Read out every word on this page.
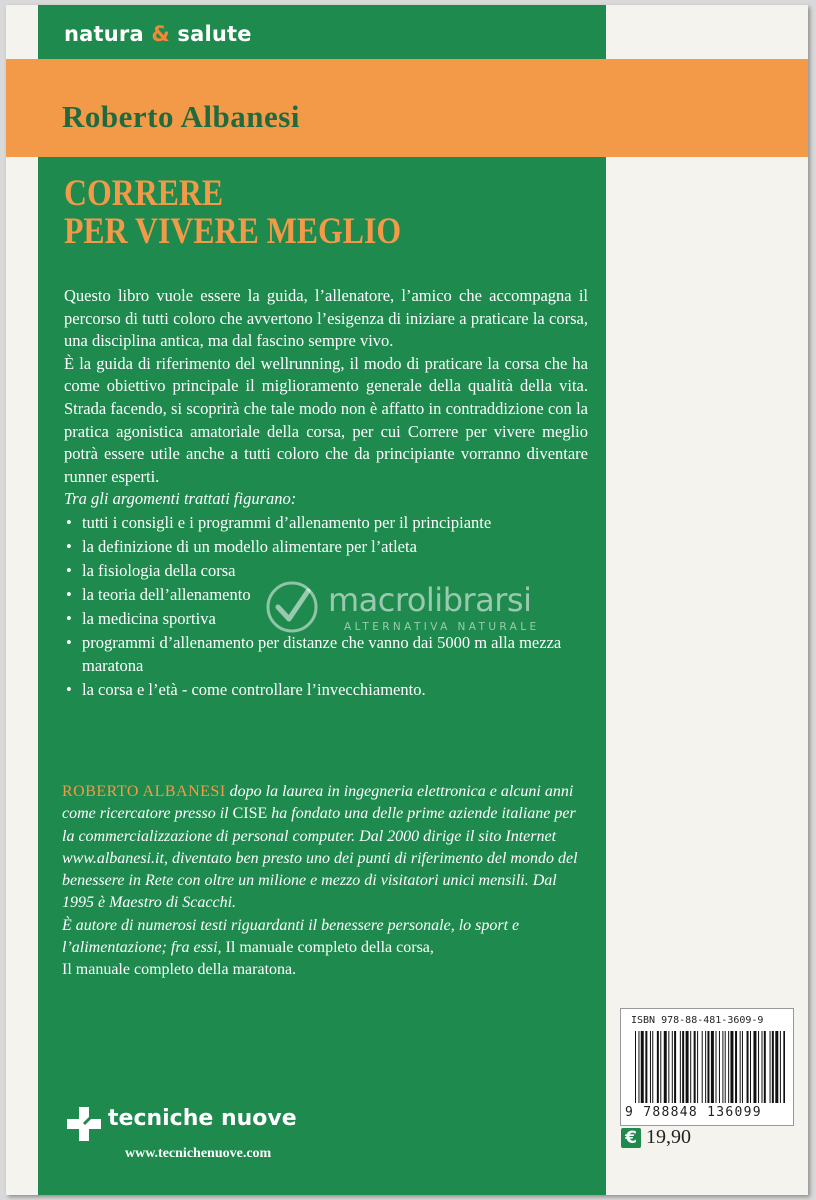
natura & salute

Roberto Albanesi
CORRERE
PER VIVERE MEGLIO

Questo libro vuole essere la guida, l’allenatore, l’amico che accompagna il percorso di tutti coloro che avvertono l’esigenza di iniziare a praticare la corsa, una disciplina antica, ma dal fascino sempre vivo.

È la guida di riferimento del wellrunning, il modo di praticare la corsa che ha come obiettivo principale il miglioramento generale della qualità della vita. Strada facendo, si scoprirà che tale modo non è affatto in contraddizione con la pratica agonistica amatoriale della corsa, per cui Correre per vivere meglio potrà essere utile anche a tutti coloro che da principiante vorranno diventare runner esperti.

Tra gli argomenti trattati figurano:

• tutti i consigli e i programmi d’allenamento per il principiante
• la definizione di un modello alimentare per l’atleta
• la fisiologia della corsa
• la teoria dell’allenamento
• la medicina sportiva
• programmi d’allenamento per distanze che vanno dai 5000 m alla mezza maratona
• la corsa e l’età - come controllare l’invecchiamento.

macrolibrarsi

ALTERNATIVA NATURALE

ROBERTO ALBANESI dopo la laurea in ingegneria elettronica e alcuni anni come ricercatore presso il CISE ha fondato una delle prime aziende italiane per la commercializzazione di personal computer. Dal 2000 dirige il sito Internet www.albanesi.it, diventato ben presto uno dei punti di riferimento del mondo del benessere in Rete con oltre un milione e mezzo di visitatori unici mensili. Dal 1995 è Maestro di Scacchi.

È autore di numerosi testi riguardanti il benessere personale, lo sport e l’alimentazione; fra essi, Il manuale completo della corsa,
Il manuale completo della maratona.

tecniche nuove

www.tecnichenuove.com

ISBN 978-88-481-3609-9

9 788848 136099

€ 19,90
